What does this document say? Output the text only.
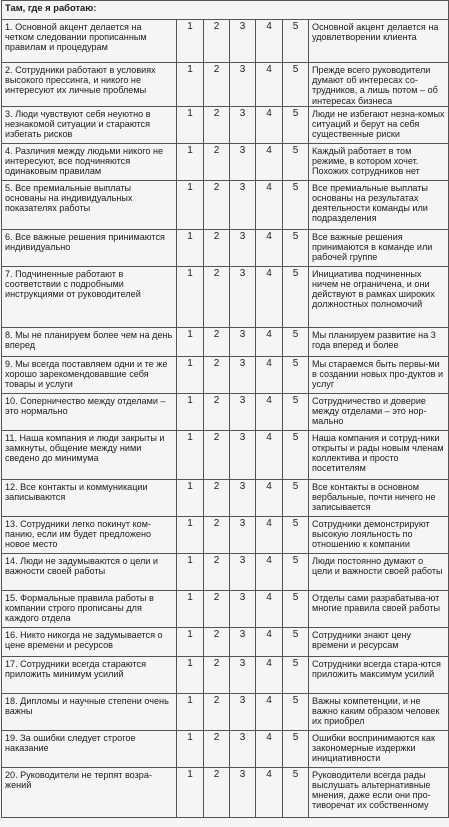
Там, где я работаю:						
1. Основной акцент делается на четком следовании прописанным правилам и процедурам	1	2	3	4	5	Основной акцент делается на удовлетворении клиента
2. Сотрудники работают в условиях высокого прессинга, и никого не интересуют их личные проблемы	1	2	3	4	5	Прежде всего руководители думают об интересах со-трудников, а лишь потом – об интересах бизнеса
3. Люди чувствуют себя неуютно в незнакомой ситуации и стараются избегать рисков	1	2	3	4	5	Люди не избегают незна-комых ситуаций и берут на себя существенные риски
4. Различия между людьми никого не интересуют, все подчиняются одинаковым правилам	1	2	3	4	5	Каждый работает в том режиме, в котором хочет. Похожих сотрудников нет
5. Все премиальные выплаты основаны на индивидуальных показателях работы	1	2	3	4	5	Все премиальные выплаты основаны на результатах деятельности команды или подразделения
6. Все важные решения принимаются индивидуально	1	2	3	4	5	Все важные решения принимаются в команде или рабочей группе
7. Подчиненные работают в соответствии с подробными инструкциями от руководителей	1	2	3	4	5	Инициатива подчиненных ничем не ограничена, и они действуют в рамках широких должностных полномочий
8. Мы не планируем более чем на день вперед	1	2	3	4	5	Мы планируем развитие на 3 года вперед и более
9. Мы всегда поставляем одни и те же хорошо зарекомендовавшие себя товары и услуги	1	2	3	4	5	Мы стараемся быть первы-ми в создании новых про-дуктов и услуг
10. Соперничество между отделами – это нормально	1	2	3	4	5	Сотрудничество и доверие между отделами – это нор-мально
11. Наша компания и люди закрыты и замкнуты, общение между ними сведено до минимума	1	2	3	4	5	Наша компания и сотруд-ники открыты и рады новым членам коллектива и просто посетителям
12. Все контакты и коммуникации записываются	1	2	3	4	5	Все контакты в основном вербальные, почти ничего не записывается
13. Сотрудники легко покинут ком-панию, если им будет предложено новое место	1	2	3	4	5	Сотрудники демонстрируют высокую лояльность по отношению к компании
14. Люди не задумываются о цели и важности своей работы	1	2	3	4	5	Люди постоянно думают о цели и важности своей работы
15. Формальные правила работы в компании строго прописаны для каждого отдела	1	2	3	4	5	Отделы сами разрабатыва-ют многие правила своей работы
16. Никто никогда не задумывается о цене времени и ресурсов	1	2	3	4	5	Сотрудники знают цену времени и ресурсам
17. Сотрудники всегда стараются приложить минимум усилий	1	2	3	4	5	Сотрудники всегда стара-ются приложить максимум усилий
18. Дипломы и научные степени очень важны	1	2	3	4	5	Важны компетенции, и не важно каким образом человек их приобрел
19. За ошибки следует строгое наказание	1	2	3	4	5	Ошибки воспринимаются как закономерные издержки инициативности
20. Руководители не терпят возра-жений	1	2	3	4	5	Руководители всегда рады выслушать альтернативные мнения, даже если они про-тиворечат их собственному
